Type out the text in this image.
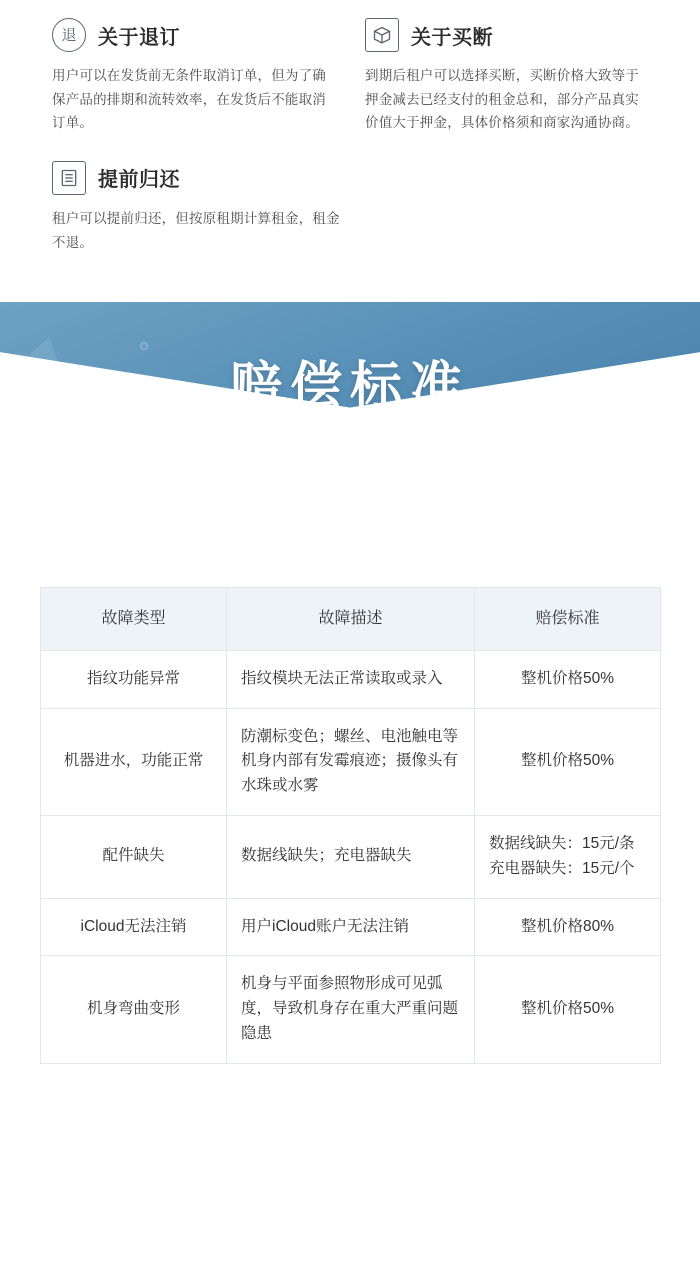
退	关于退订

用户可以在发货前无条件取消订单，但为了确保产品的排期和流转效率，在发货后不能取消订单。

关于买断

到期后租户可以选择买断，买断价格大致等于押金减去已经支付的租金总和，部分产品真实价值大于押金，具体价格须和商家沟通协商。

提前归还

租户可以提前归还，但按原租期计算租金，租金不退。

赔偿标准
故障类型	故障描述	赔偿标准
指纹功能异常	指纹模块无法正常读取或录入	整机价格50%
机器进水，功能正常	防潮标变色；螺丝、电池触电等机身内部有发霉痕迹；摄像头有水珠或水雾	整机价格50%
配件缺失	数据线缺失；充电器缺失	数据线缺失：15元/条
充电器缺失：15元/个
iCloud无法注销	用户iCloud账户无法注销	整机价格80%
机身弯曲变形	机身与平面参照物形成可见弧度，导致机身存在重大严重问题隐患	整机价格50%
